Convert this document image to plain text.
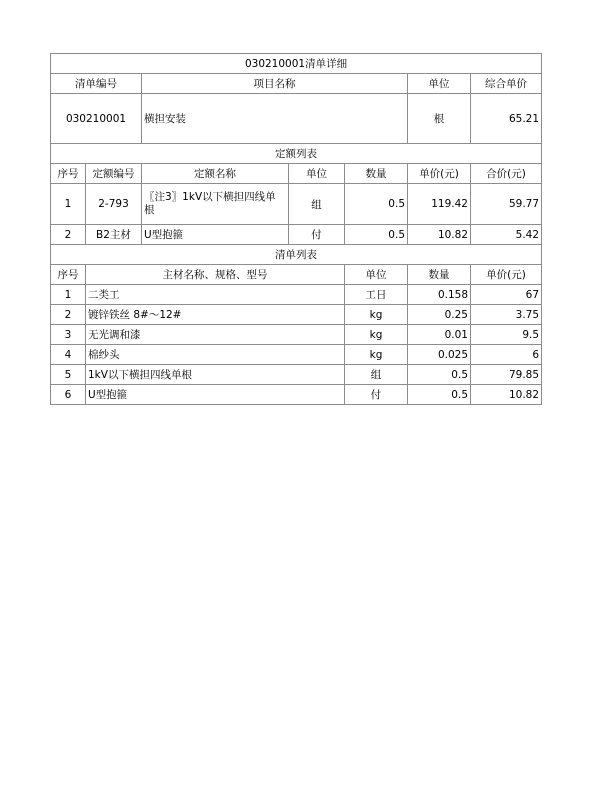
030210001清单详细							
清单编号		项目名称			单位	综合单价	
030210001		横担安装			根	65.21	
定额列表							
序号	定额编号	定额名称	单位	数量	单价(元)	合价(元)	
1	2-793	〖注3〗1kV以下横担四线单根	组	0.5	119.42	59.77	
2	B2主材	U型抱箍	付	0.5	10.82	5.42	
清单列表							
序号	主材名称、规格、型号			单位	数量	单价(元)	
1	二类工			工日	0.158	67	
2	镀锌铁丝 8#～12#			kg	0.25	3.75	
3	无光调和漆			kg	0.01	9.5	
4	棉纱头			kg	0.025	6	
5	1kV以下横担四线单根			组	0.5	79.85	
6	U型抱箍			付	0.5	10.82	
